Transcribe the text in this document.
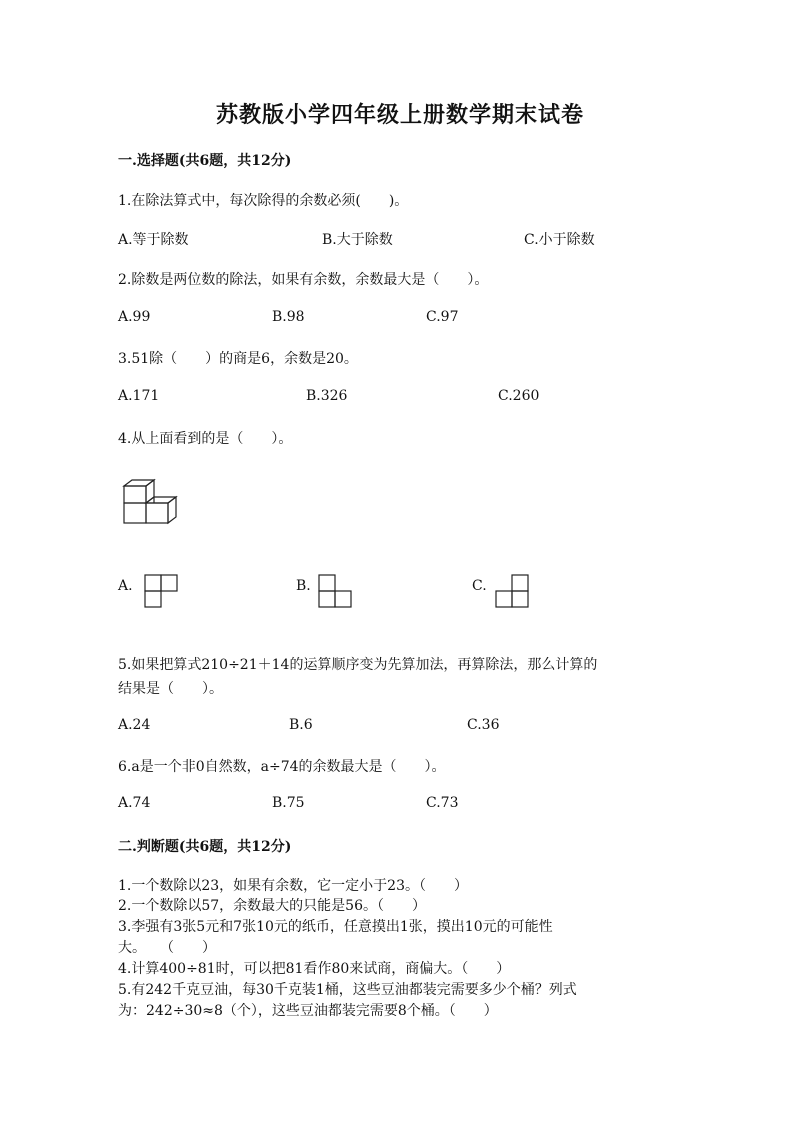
苏教版小学四年级上册数学期末试卷
一.选择题(共6题，共12分)
1.在除法算式中，每次除得的余数必须(　　)。
A.等于除数	B.大于除数	C.小于除数
2.除数是两位数的除法，如果有余数，余数最大是（　　）。
A.99	B.98	C.97
3.51除（　　）的商是6，余数是20。
A.171	B.326	C.260
4.从上面看到的是（　　）。
A.	B.	C.
5.如果把算式210÷21＋14的运算顺序变为先算加法，再算除法，那么计算的
结果是（　　）。
A.24	B.6	C.36
6.a是一个非0自然数，a÷74的余数最大是（　　）。
A.74	B.75	C.73
二.判断题(共6题，共12分)
1.一个数除以23，如果有余数，它一定小于23。（　　）
2.一个数除以57，余数最大的只能是56。（　　）
3.李强有3张5元和7张10元的纸币，任意摸出1张，摸出10元的可能性
大。　　（　　）
4.计算400÷81时，可以把81看作80来试商，商偏大。（　　）
5.有242千克豆油，每30千克装1桶，这些豆油都装完需要多少个桶？列式
为：242÷30≈8（个），这些豆油都装完需要8个桶。（　　）
